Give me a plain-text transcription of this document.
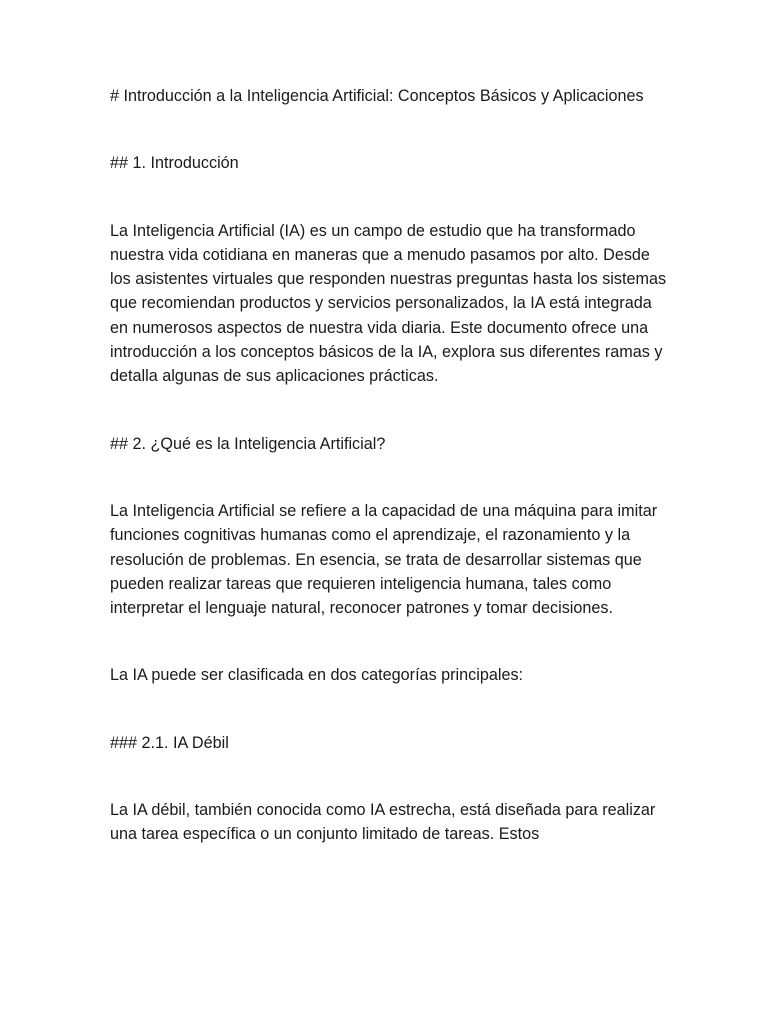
# Introducción a la Inteligencia Artificial: Conceptos Básicos y Aplicaciones

## 1. Introducción

La Inteligencia Artificial (IA) es un campo de estudio que ha transformado nuestra vida cotidiana en maneras que a menudo pasamos por alto. Desde los asistentes virtuales que responden nuestras preguntas hasta los sistemas que recomiendan productos y servicios personalizados, la IA está integrada en numerosos aspectos de nuestra vida diaria. Este documento ofrece una introducción a los conceptos básicos de la IA, explora sus diferentes ramas y detalla algunas de sus aplicaciones prácticas.

## 2. ¿Qué es la Inteligencia Artificial?

La Inteligencia Artificial se refiere a la capacidad de una máquina para imitar funciones cognitivas humanas como el aprendizaje, el razonamiento y la resolución de problemas. En esencia, se trata de desarrollar sistemas que pueden realizar tareas que requieren inteligencia humana, tales como interpretar el lenguaje natural, reconocer patrones y tomar decisiones.

La IA puede ser clasificada en dos categorías principales:

### 2.1. IA Débil

La IA débil, también conocida como IA estrecha, está diseñada para realizar una tarea específica o un conjunto limitado de tareas. Estos
